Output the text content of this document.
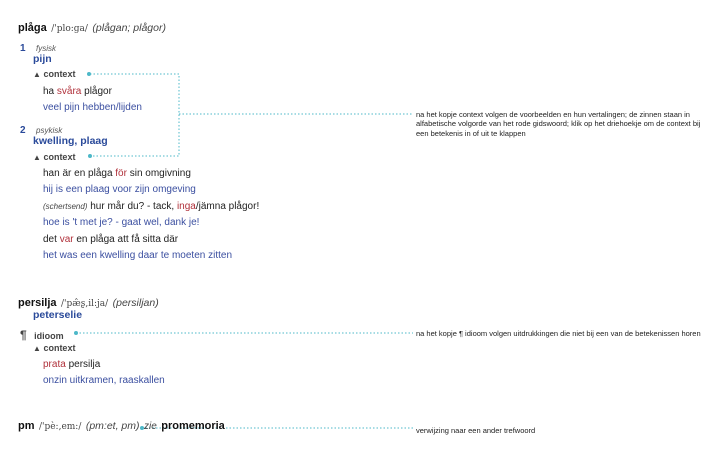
plåga /'plo:ga/ (plågan; plågor)
1 fysisk
pijn
▲ context
ha svåra plågor
veel pijn hebben/lijden
2 psykisk
kwelling, plaag
▲ context
han är en plåga för sin omgivning
hij is een plaag voor zijn omgeving
(schertsend) hur mår du? - tack, inga/jämna plågor!
hoe is 't met je? - gaat wel, dank je!
det var en plåga att få sitta där
het was een kwelling daar te moeten zitten
na het kopje context volgen de voorbeelden en hun vertalingen; de zinnen staan in alfabetische volgorde van het rode gidswoord; klik op het driehoekje om de context bij een betekenis in of uit te klappen
persilja /'pæ̂ʂ,il:ja/ (persiljan)
peterselie
¶ idioom
▲ context
prata persilja
onzin uitkramen, raaskallen
na het kopje ¶ idioom volgen uitdrukkingen die niet bij een van de betekenissen horen
pm /'pè:,em:/ (pm:et, pm) zie promemoria	verwijzing naar een ander trefwoord
